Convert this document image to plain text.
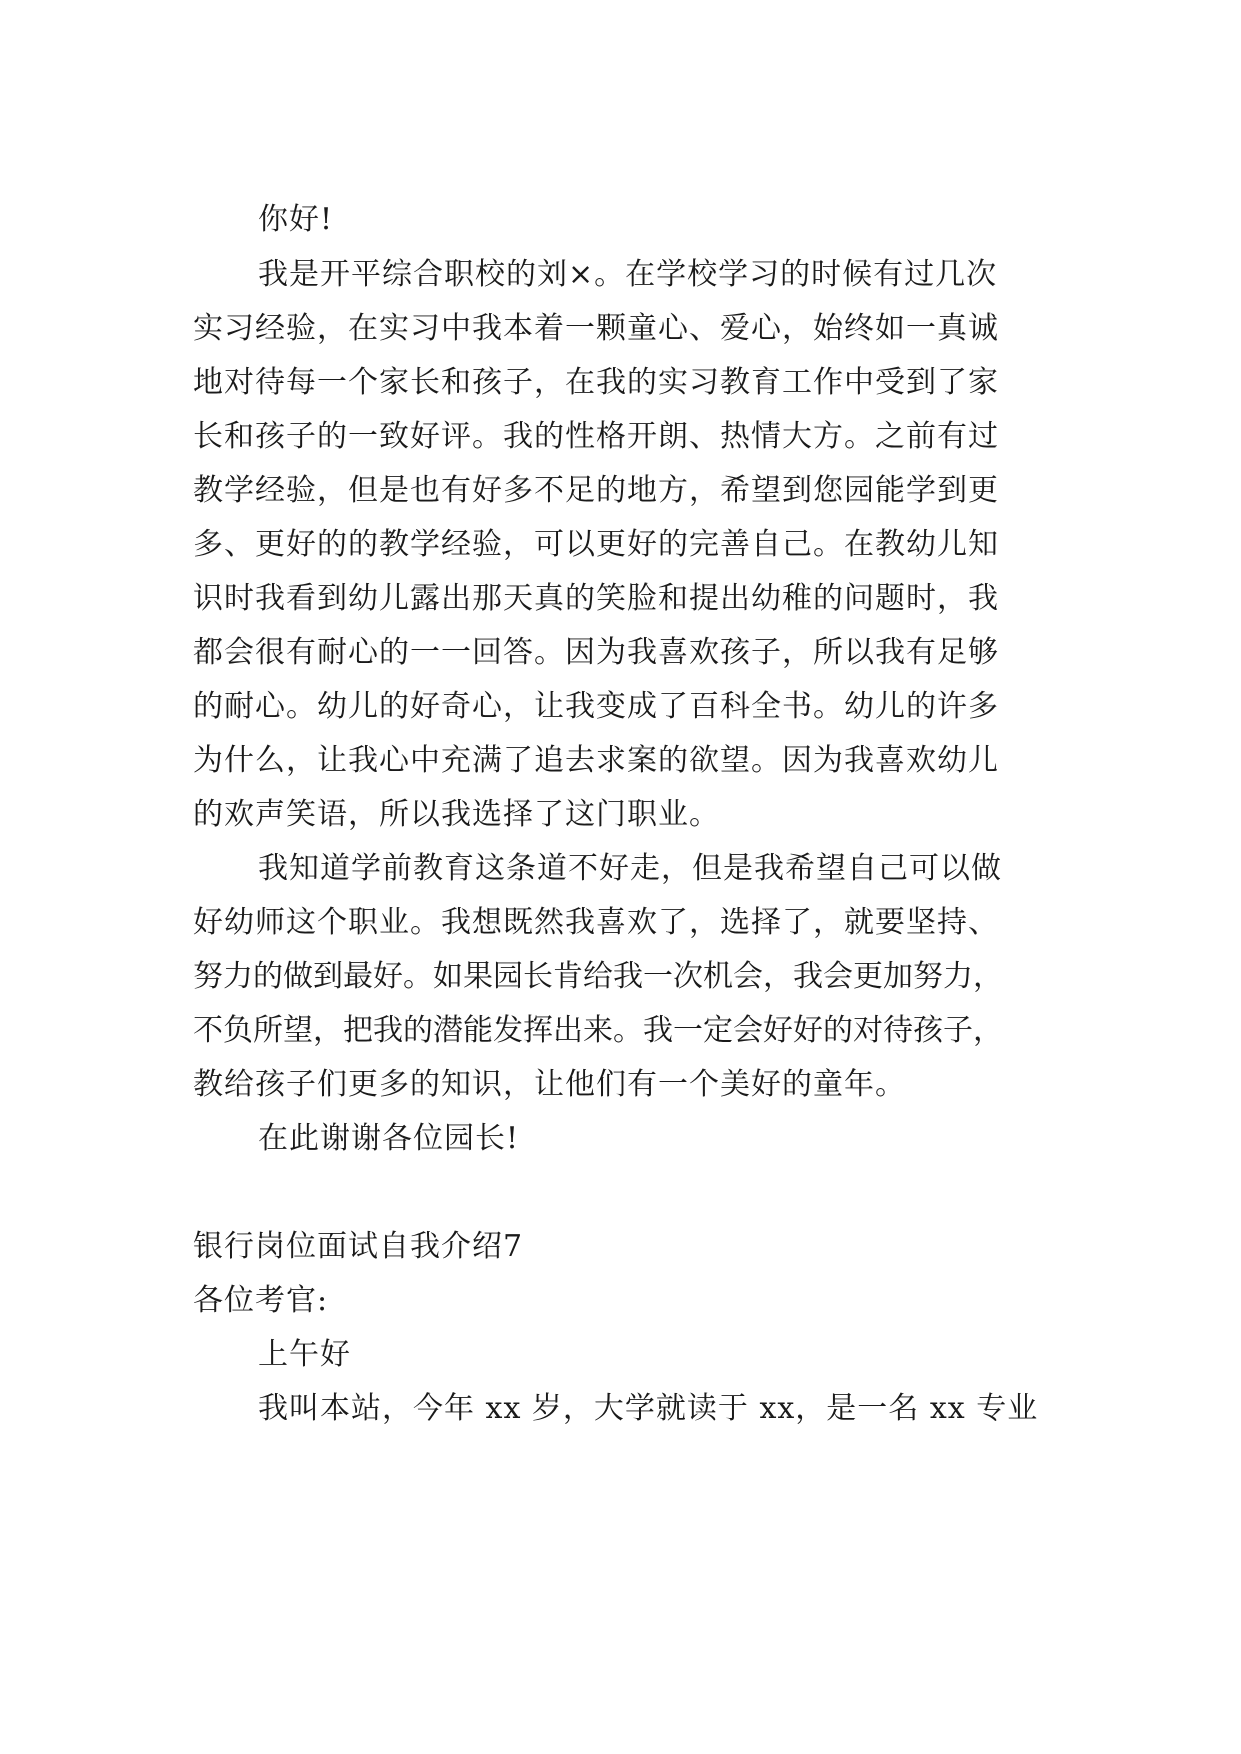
你好!
我是开平综合职校的刘×。在学校学习的时候有过几次
实习经验，在实习中我本着一颗童心、爱心，始终如一真诚
地对待每一个家长和孩子，在我的实习教育工作中受到了家
长和孩子的一致好评。我的性格开朗、热情大方。之前有过
教学经验，但是也有好多不足的地方，希望到您园能学到更
多、更好的的教学经验，可以更好的完善自己。在教幼儿知
识时我看到幼儿露出那天真的笑脸和提出幼稚的问题时，我
都会很有耐心的一一回答。因为我喜欢孩子，所以我有足够
的耐心。幼儿的好奇心，让我变成了百科全书。幼儿的许多
为什么，让我心中充满了追去求案的欲望。因为我喜欢幼儿
的欢声笑语，所以我选择了这门职业。
我知道学前教育这条道不好走，但是我希望自己可以做
好幼师这个职业。我想既然我喜欢了，选择了，就要坚持、
努力的做到最好。如果园长肯给我一次机会，我会更加努力，
不负所望，把我的潜能发挥出来。我一定会好好的对待孩子，
教给孩子们更多的知识，让他们有一个美好的童年。
在此谢谢各位园长!
银行岗位面试自我介绍7
各位考官:
上午好
我叫本站，今年 xx 岁，大学就读于 xx，是一名 xx 专业
